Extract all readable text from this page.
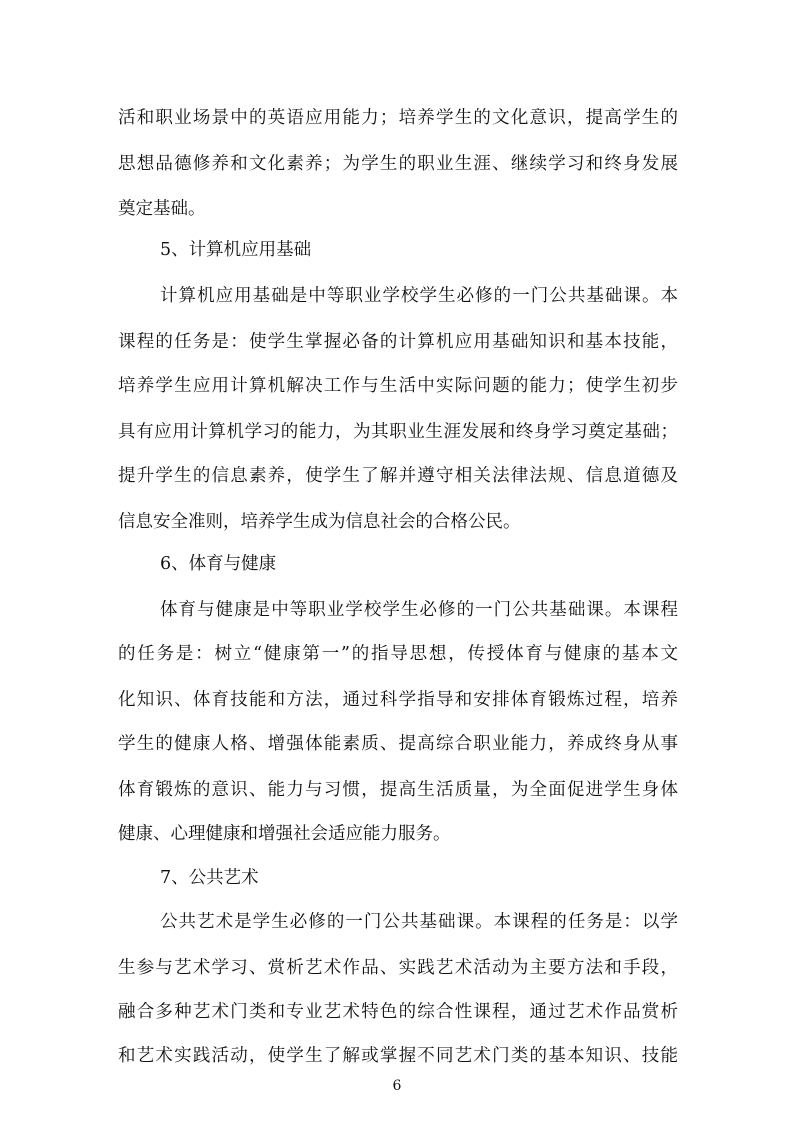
活和职业场景中的英语应用能力；培养学生的文化意识，提高学生的
思想品德修养和文化素养；为学生的职业生涯、继续学习和终身发展
奠定基础。
5、计算机应用基础
计算机应用基础是中等职业学校学生必修的一门公共基础课。本
课程的任务是：使学生掌握必备的计算机应用基础知识和基本技能，
培养学生应用计算机解决工作与生活中实际问题的能力；使学生初步
具有应用计算机学习的能力，为其职业生涯发展和终身学习奠定基础；
提升学生的信息素养，使学生了解并遵守相关法律法规、信息道德及
信息安全准则，培养学生成为信息社会的合格公民。
6、体育与健康
体育与健康是中等职业学校学生必修的一门公共基础课。本课程
的任务是：树立“健康第一”的指导思想，传授体育与健康的基本文
化知识、体育技能和方法，通过科学指导和安排体育锻炼过程，培养
学生的健康人格、增强体能素质、提高综合职业能力，养成终身从事
体育锻炼的意识、能力与习惯，提高生活质量，为全面促进学生身体
健康、心理健康和增强社会适应能力服务。
7、公共艺术
公共艺术是学生必修的一门公共基础课。本课程的任务是：以学
生参与艺术学习、赏析艺术作品、实践艺术活动为主要方法和手段，
融合多种艺术门类和专业艺术特色的综合性课程，通过艺术作品赏析
和艺术实践活动，使学生了解或掌握不同艺术门类的基本知识、技能
6
